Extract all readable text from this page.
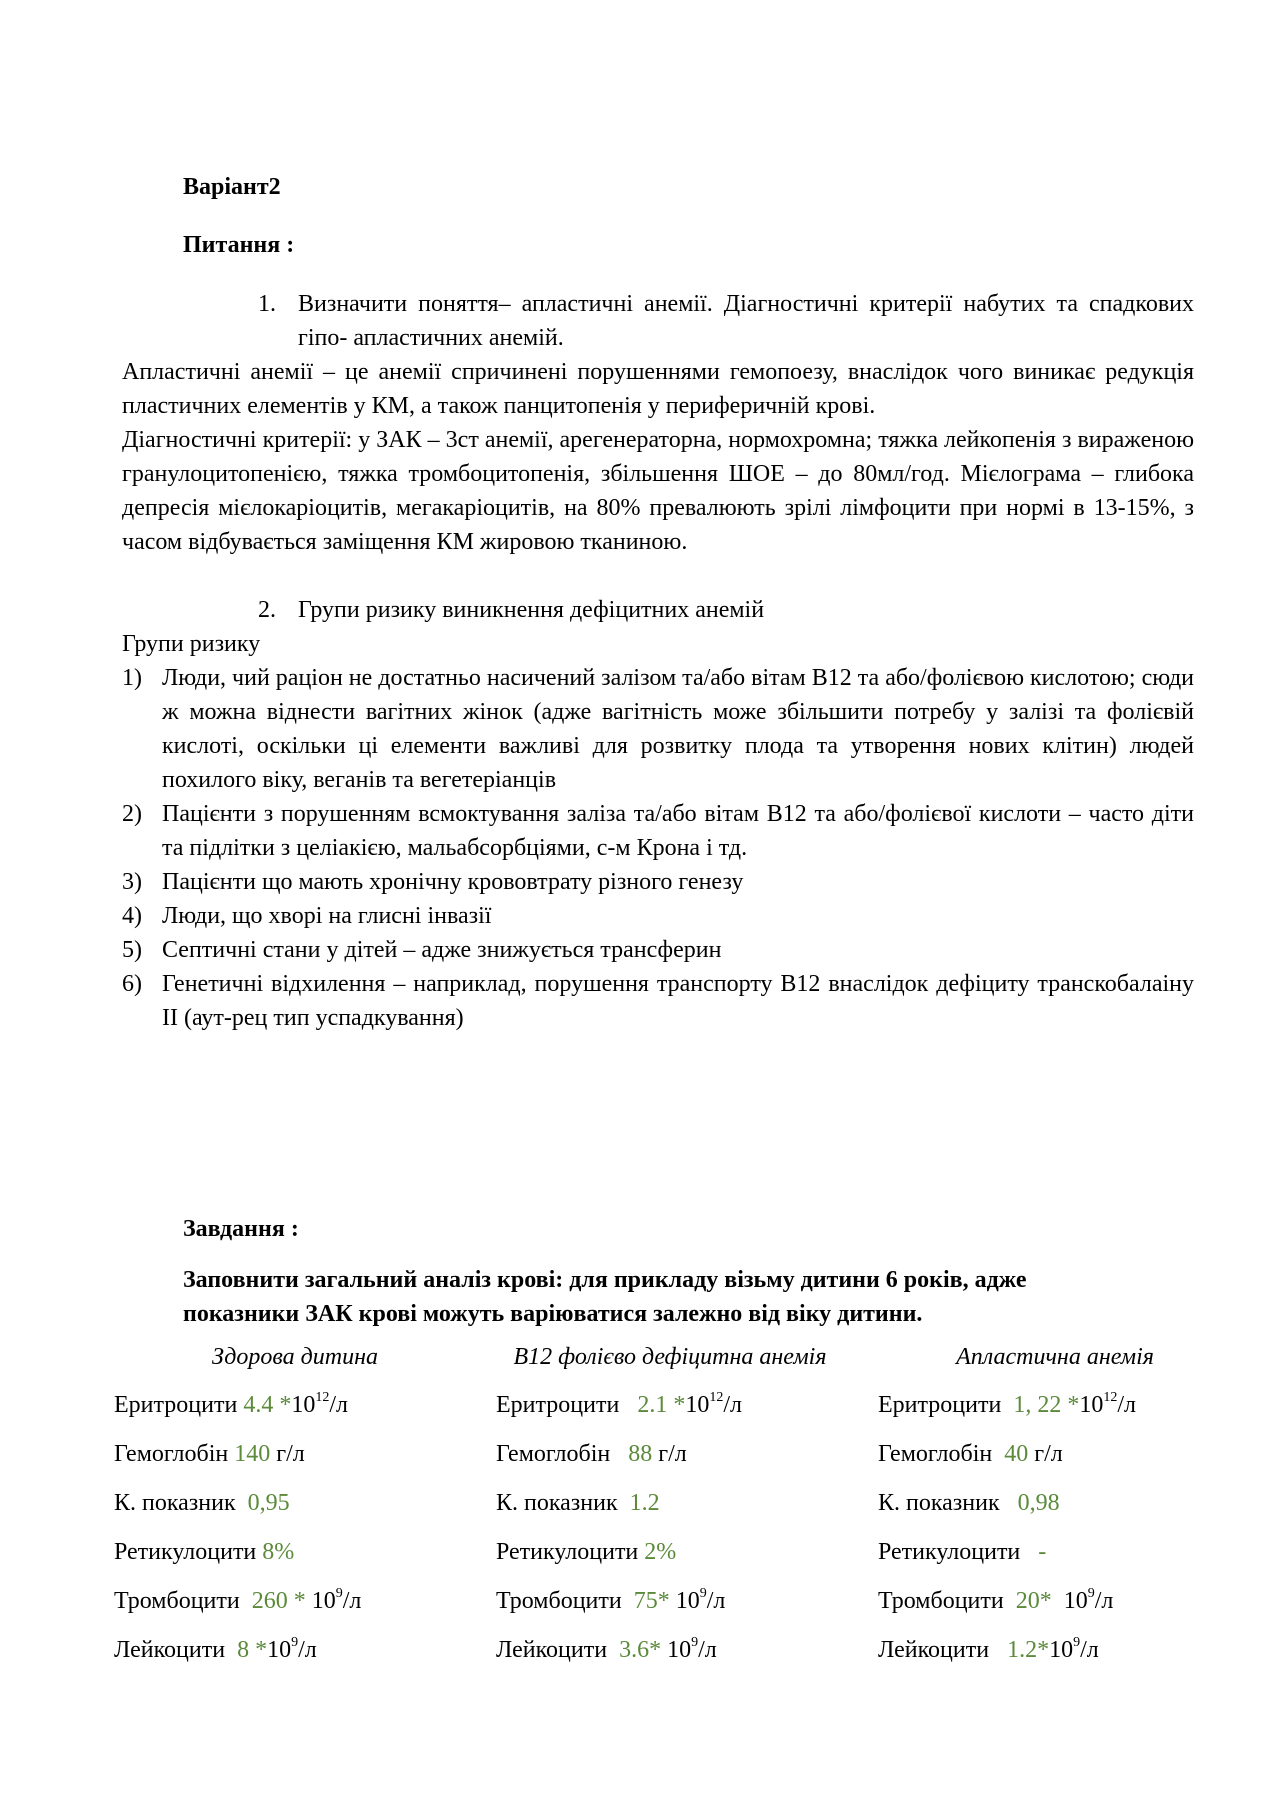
Варіант2

Питання :

1. Визначити поняття– апластичні анемії. Діагностичні критерії набутих та спадкових гіпо- апластичних анемій.

Апластичні анемії – це анемії спричинені порушеннями гемопоезу, внаслідок чого виникає редукція пластичних елементів у КМ, а також панцитопенія у периферичній крові.

Діагностичні критерії: у ЗАК – 3ст анемії, арегенераторна, нормохромна; тяжка лейкопенія з вираженою гранулоцитопенією, тяжка тромбоцитопенія, збільшення ШОЕ – до 80мл/год. Мієлограма – глибока депресія мієлокаріоцитів, мегакаріоцитів, на 80% превалюють зрілі лімфоцити при нормі в 13-15%, з часом відбувається заміщення КМ жировою тканиною.

2. Групи ризику виникнення дефіцитних анемій

Групи ризику

1) Люди, чий раціон не достатньо насичений залізом та/або вітам В12 та або/фолієвою кислотою; сюди ж можна віднести вагітних жінок (адже вагітність може збільшити потребу у залізі та фолієвій кислоті, оскільки ці елементи важливі для розвитку плода та утворення нових клітин) людей похилого віку, веганів та вегетеріанців
2) Пацієнти з порушенням всмоктування заліза та/або вітам В12 та або/фолієвої кислоти – часто діти та підлітки з целіакією, мальабсорбціями, с-м Крона і тд.
3) Пацієнти що мають хронічну крововтрату різного генезу
4) Люди, що хворі на глисні інвазії
5) Септичні стани у дітей – адже знижується трансферин
6) Генетичні відхилення – наприклад, порушення транспорту В12 внаслідок дефіциту транскобалаіну ІІ (аут-рец тип успадкування)

Завдання :

Заповнити загальний аналіз крові: для прикладу візьму дитини 6 років, адже показники ЗАК крові можуть варіюватися залежно від віку дитини.

Здорова дитина	В12 фолієво дефіцитна анемія	Апластична анемія
Еритроцити 4.4 $*10^{12}/л$
Гемоглобін 140 г/л
К. показник  0,95
Ретикулоцити 8%
Тромбоцити  $260 * 10^9/л$
Лейкоцити  8 $*10^9/л$
Еритроцити   2.1 $*10^{12}/л$
Гемоглобін   88 г/л
К. показник  1.2
Ретикулоцити 2%
Тромбоцити  75* $10^9/л$
Лейкоцити  3.6* $10^9/л$
Еритроцити  1, 22 $*10^{12}/л$
Гемоглобін  40 г/л
К. показник   0,98
Ретикулоцити   -
Тромбоцити  20*  $10^9/л$
Лейкоцити   $1.2*10^9/л$
